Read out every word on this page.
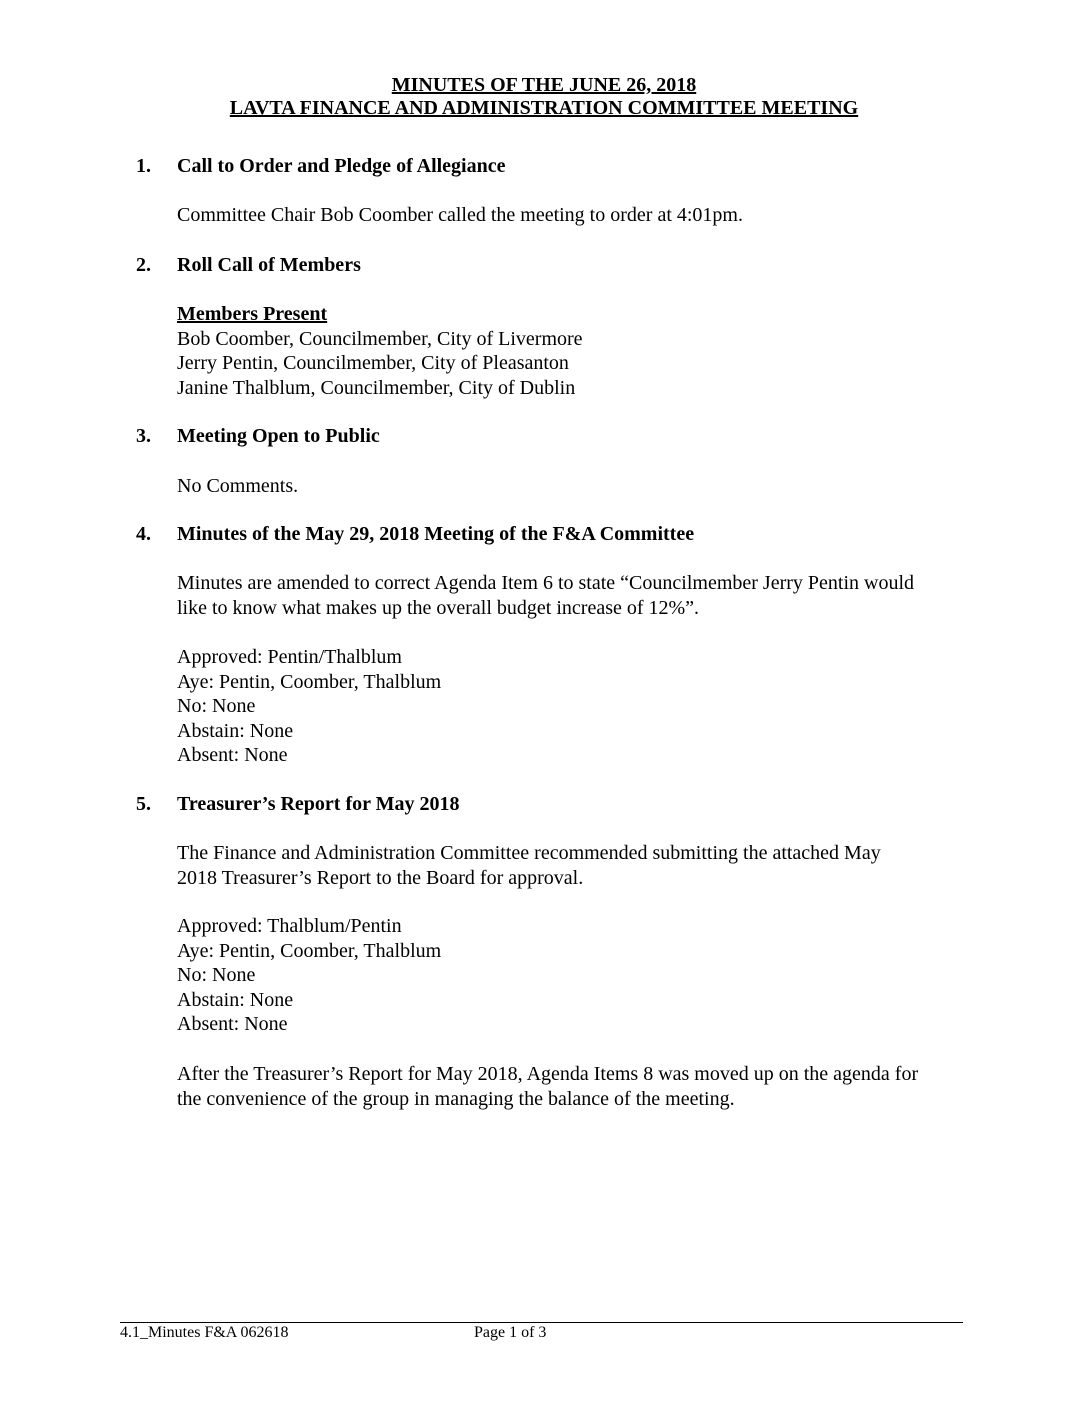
MINUTES OF THE JUNE 26, 2018
LAVTA FINANCE AND ADMINISTRATION COMMITTEE MEETING
1. Call to Order and Pledge of Allegiance
Committee Chair Bob Coomber called the meeting to order at 4:01pm.
2. Roll Call of Members
Members Present
Bob Coomber, Councilmember, City of Livermore
Jerry Pentin, Councilmember, City of Pleasanton
Janine Thalblum, Councilmember, City of Dublin
3. Meeting Open to Public
No Comments.
4. Minutes of the May 29, 2018 Meeting of the F&A Committee
Minutes are amended to correct Agenda Item 6 to state “Councilmember Jerry Pentin would
like to know what makes up the overall budget increase of 12%”.
Approved: Pentin/Thalblum
Aye: Pentin, Coomber, Thalblum
No: None
Abstain: None
Absent: None
5. Treasurer’s Report for May 2018
The Finance and Administration Committee recommended submitting the attached May
2018 Treasurer’s Report to the Board for approval.
Approved: Thalblum/Pentin
Aye: Pentin, Coomber, Thalblum
No: None
Abstain: None
Absent: None
After the Treasurer’s Report for May 2018, Agenda Items 8 was moved up on the agenda for
the convenience of the group in managing the balance of the meeting.
4.1_Minutes F&A 062618	Page 1 of 3
